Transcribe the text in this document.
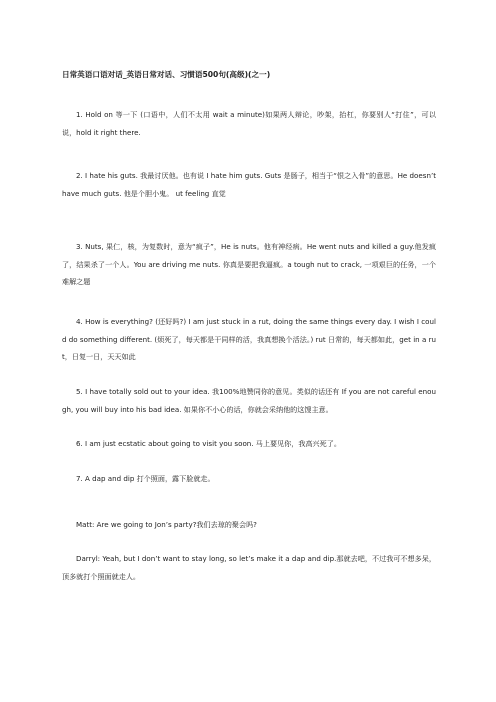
日常英语口语对话_英语日常对话、习惯语500句(高级)(之一)

1. Hold on 等一下 (口语中，人们不太用 wait a minute)如果两人辩论，吵架，抬杠，你要别人“打住”，可以说，hold it right there.

2. I hate his guts. 我最讨厌他。也有说 I hate him guts. Guts 是肠子，相当于“恨之入骨”的意思。He doesn’t have much guts. 他是个胆小鬼。 ut feeling 直觉

3. Nuts, 果仁，核，为复数时，意为“疯子”，He is nuts。他有神经病。He went nuts and killed a guy.他发疯了，结果杀了一个人。You are driving me nuts. 你真是要把我逼疯。a tough nut to crack, 一项艰巨的任务，一个难解之题

4. How is everything? (还好吗?) I am just stuck in a rut, doing the same things every day. I wish I could do something different. (烦死了，每天都是干同样的活，我真想换个活法。) rut 日常的，每天都如此，get in a rut，日复一日，天天如此

5. I have totally sold out to your idea. 我100%地赞同你的意见。类似的话还有 If you are not careful enough, you will buy into his bad idea. 如果你不小心的话，你就会采纳他的这馊主意。

6. I am just ecstatic about going to visit you soon. 马上要见你，我高兴死了。

7. A dap and dip 打个照面，露下脸就走。

Matt: Are we going to Jon’s party?我们去琼的聚会吗?

Darryl: Yeah, but I don’t want to stay long, so let’s make it a dap and dip.那就去吧，不过我可不想多呆，顶多就打个照面就走人。
